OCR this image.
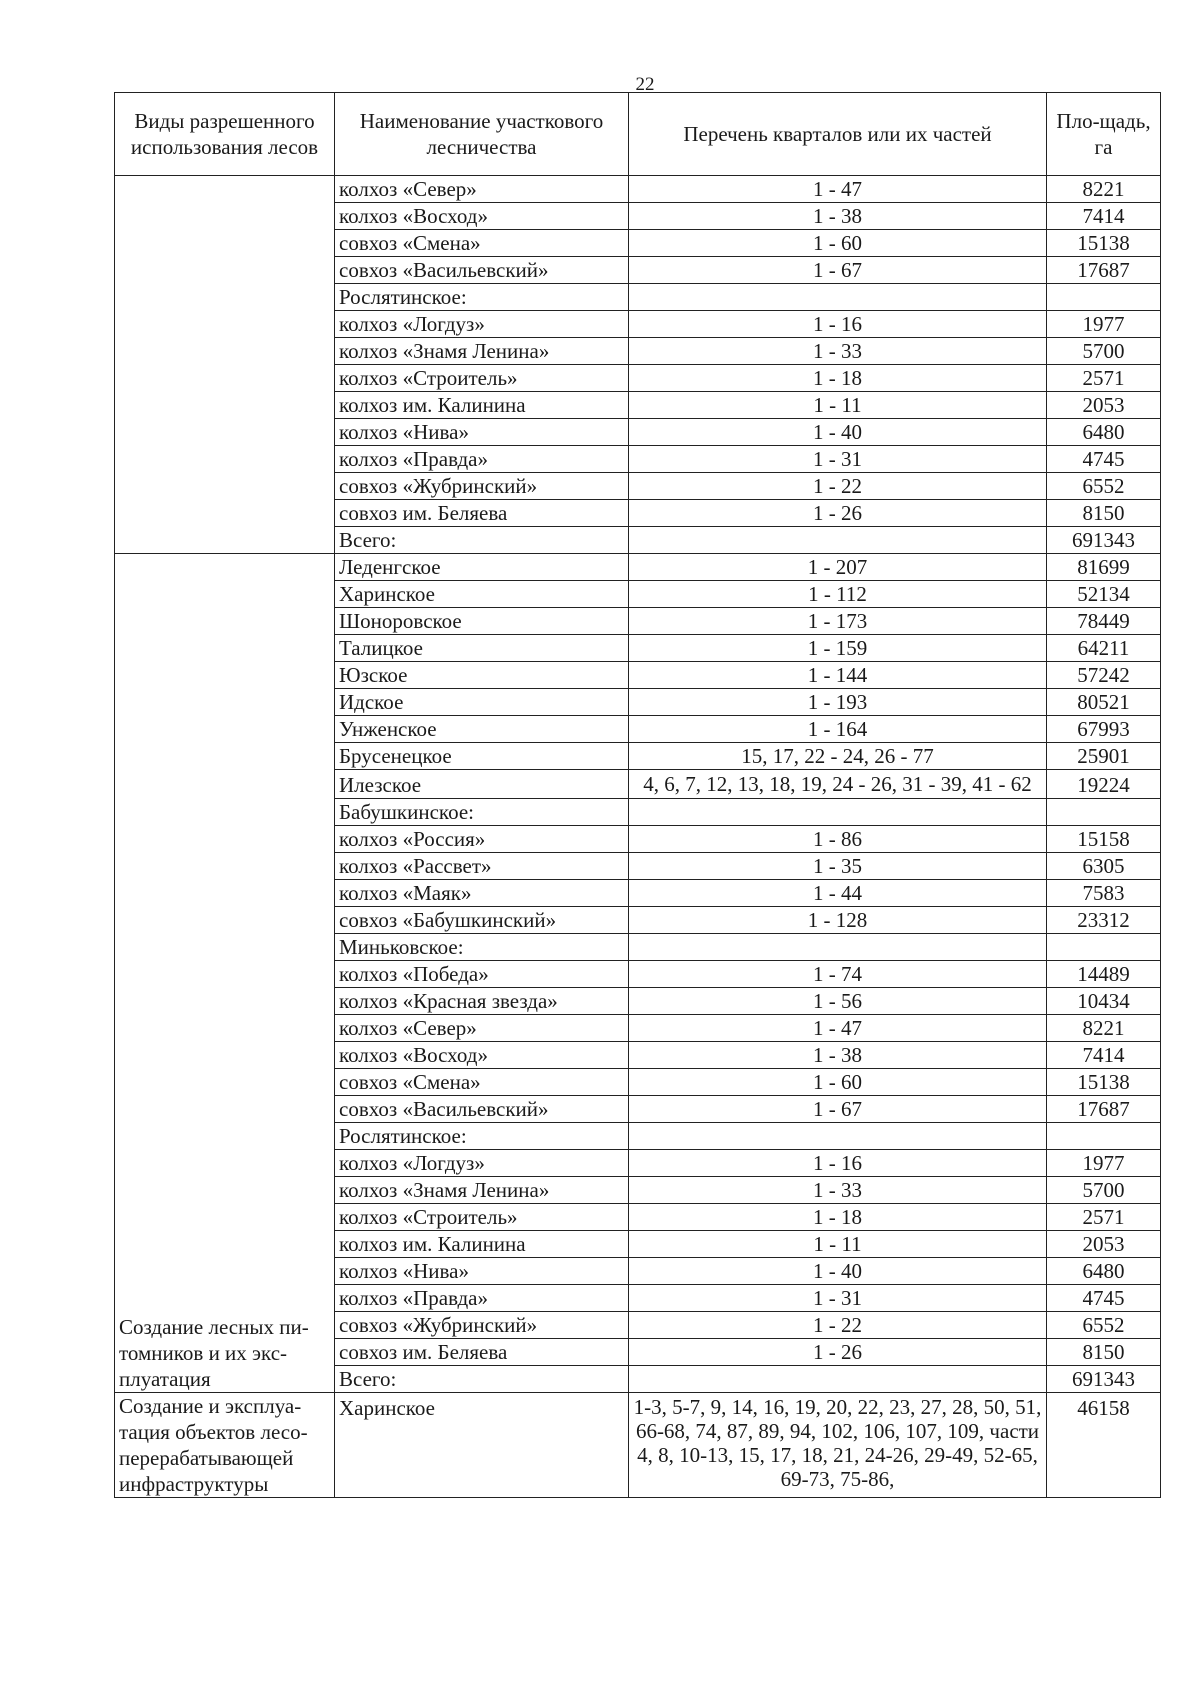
22
Виды разрешенного использования лесов	Наименование участкового лесничества	Перечень кварталов или их частей	Пло-щадь, га
	колхоз «Север»	1 - 47	8221
	колхоз «Восход»	1 - 38	7414
	совхоз «Смена»	1 - 60	15138
	совхоз «Васильевский»	1 - 67	17687
	Рослятинское:		
	колхоз «Логдуз»	1 - 16	1977
	колхоз «Знамя Ленина»	1 - 33	5700
	колхоз «Строитель»	1 - 18	2571
	колхоз им. Калинина	1 - 11	2053
	колхоз «Нива»	1 - 40	6480
	колхоз «Правда»	1 - 31	4745
	совхоз «Жубринский»	1 - 22	6552
	совхоз им. Беляева	1 - 26	8150
	Всего:		691343
Создание лесных пи-томников и их экс-плуатация	Леденгское	1 - 207	81699
	Харинское	1 - 112	52134
	Шоноровское	1 - 173	78449
	Талицкое	1 - 159	64211
	Юзское	1 - 144	57242
	Идское	1 - 193	80521
	Унженское	1 - 164	67993
	Брусенецкое	15, 17, 22 - 24, 26 - 77	25901
	Илезское	4, 6, 7, 12, 13, 18, 19, 24 - 26, 31 - 39, 41 - 62	19224
	Бабушкинское:		
	колхоз «Россия»	1 - 86	15158
	колхоз «Рассвет»	1 - 35	6305
	колхоз «Маяк»	1 - 44	7583
	совхоз «Бабушкинский»	1 - 128	23312
	Миньковское:		
	колхоз «Победа»	1 - 74	14489
	колхоз «Красная звезда»	1 - 56	10434
	колхоз «Север»	1 - 47	8221
	колхоз «Восход»	1 - 38	7414
	совхоз «Смена»	1 - 60	15138
	совхоз «Васильевский»	1 - 67	17687
	Рослятинское:		
	колхоз «Логдуз»	1 - 16	1977
	колхоз «Знамя Ленина»	1 - 33	5700
	колхоз «Строитель»	1 - 18	2571
	колхоз им. Калинина	1 - 11	2053
	колхоз «Нива»	1 - 40	6480
	колхоз «Правда»	1 - 31	4745
	совхоз «Жубринский»	1 - 22	6552
	совхоз им. Беляева	1 - 26	8150
	Всего:		691343
Создание и эксплуа-тация объектов лесо-перерабатывающей инфраструктуры	Харинское	1-3, 5-7, 9, 14, 16, 19, 20, 22, 23, 27, 28, 50, 51, 66-68, 74, 87, 89, 94, 102, 106, 107, 109, части 4, 8, 10-13, 15, 17, 18, 21, 24-26, 29-49, 52-65, 69-73, 75-86,	46158
